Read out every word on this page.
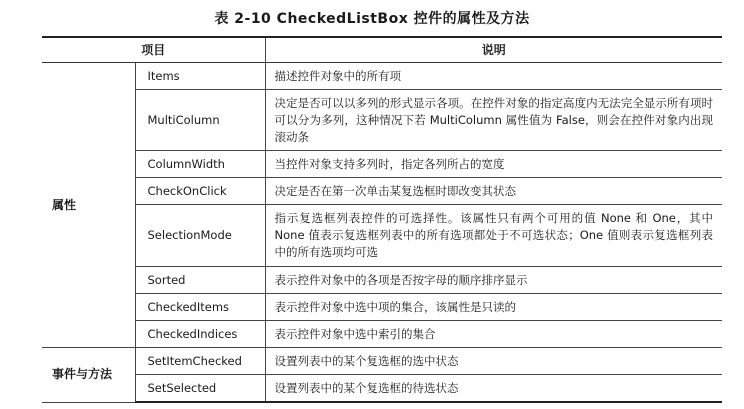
表 2-10 CheckedListBox 控件的属性及方法
项目		说明
属性	Items	描述控件对象中的所有项
	MultiColumn	决定是否可以以多列的形式显示各项。在控件对象的指定高度内无法完全显示所有项时可以分为多列，这种情况下若 MultiColumn 属性值为 False，则会在控件对象内出现滚动条
	ColumnWidth	当控件对象支持多列时，指定各列所占的宽度
	CheckOnClick	决定是否在第一次单击某复选框时即改变其状态
	SelectionMode	指示复选框列表控件的可选择性。该属性只有两个可用的值 None 和 One，其中 None 值表示复选框列表中的所有选项都处于不可选状态；One 值则表示复选框列表中的所有选项均可选
	Sorted	表示控件对象中的各项是否按字母的顺序排序显示
	CheckedItems	表示控件对象中选中项的集合，该属性是只读的
	CheckedIndices	表示控件对象中选中索引的集合
事件与方法	SetItemChecked	设置列表中的某个复选框的选中状态
	SetSelected	设置列表中的某个复选框的待选状态
